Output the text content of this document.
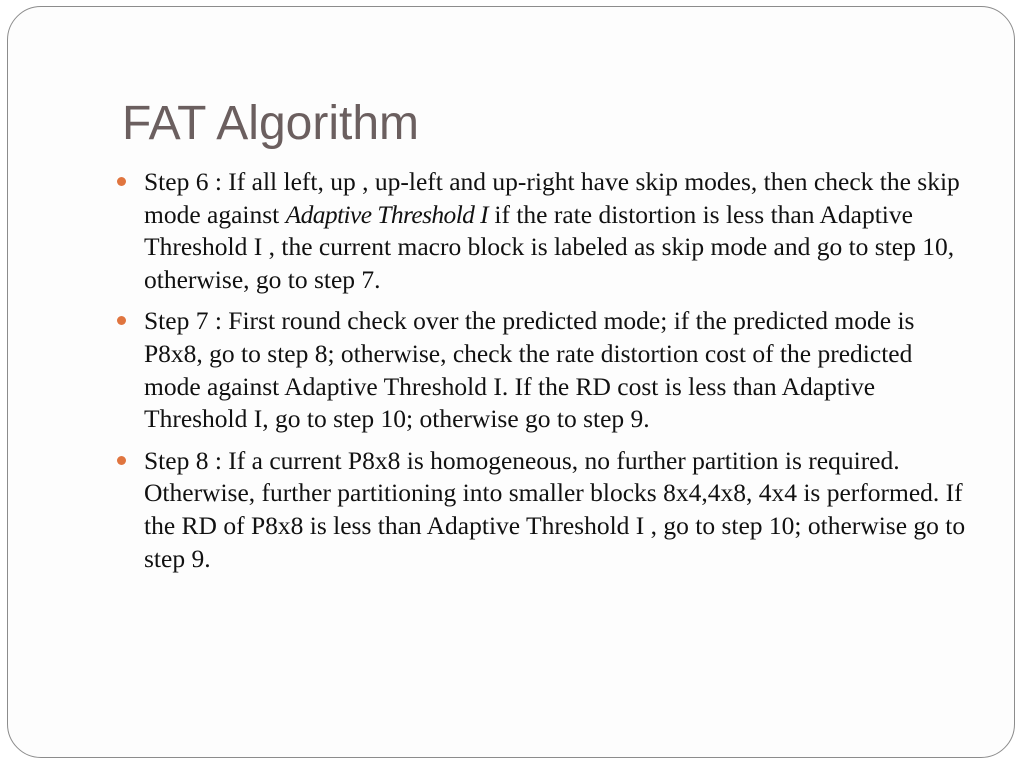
FAT Algorithm
Step 6 : If all left, up , up-left and up-right have skip modes, then check the skip mode against Adaptive Threshold I if the rate distortion is less than Adaptive Threshold I , the current macro block is labeled as skip mode and go to step 10, otherwise, go to step 7.
Step 7 : First round check over the predicted mode; if the predicted mode is P8x8, go to step 8; otherwise, check the rate distortion cost of the predicted mode against Adaptive Threshold I. If the RD cost is less than Adaptive Threshold I, go to step 10; otherwise go to step 9.
Step 8 : If a current P8x8 is homogeneous, no further partition is required. Otherwise, further partitioning into smaller blocks 8x4,4x8, 4x4 is performed. If the RD of P8x8 is less than Adaptive Threshold I , go to step 10; otherwise go to step 9.
